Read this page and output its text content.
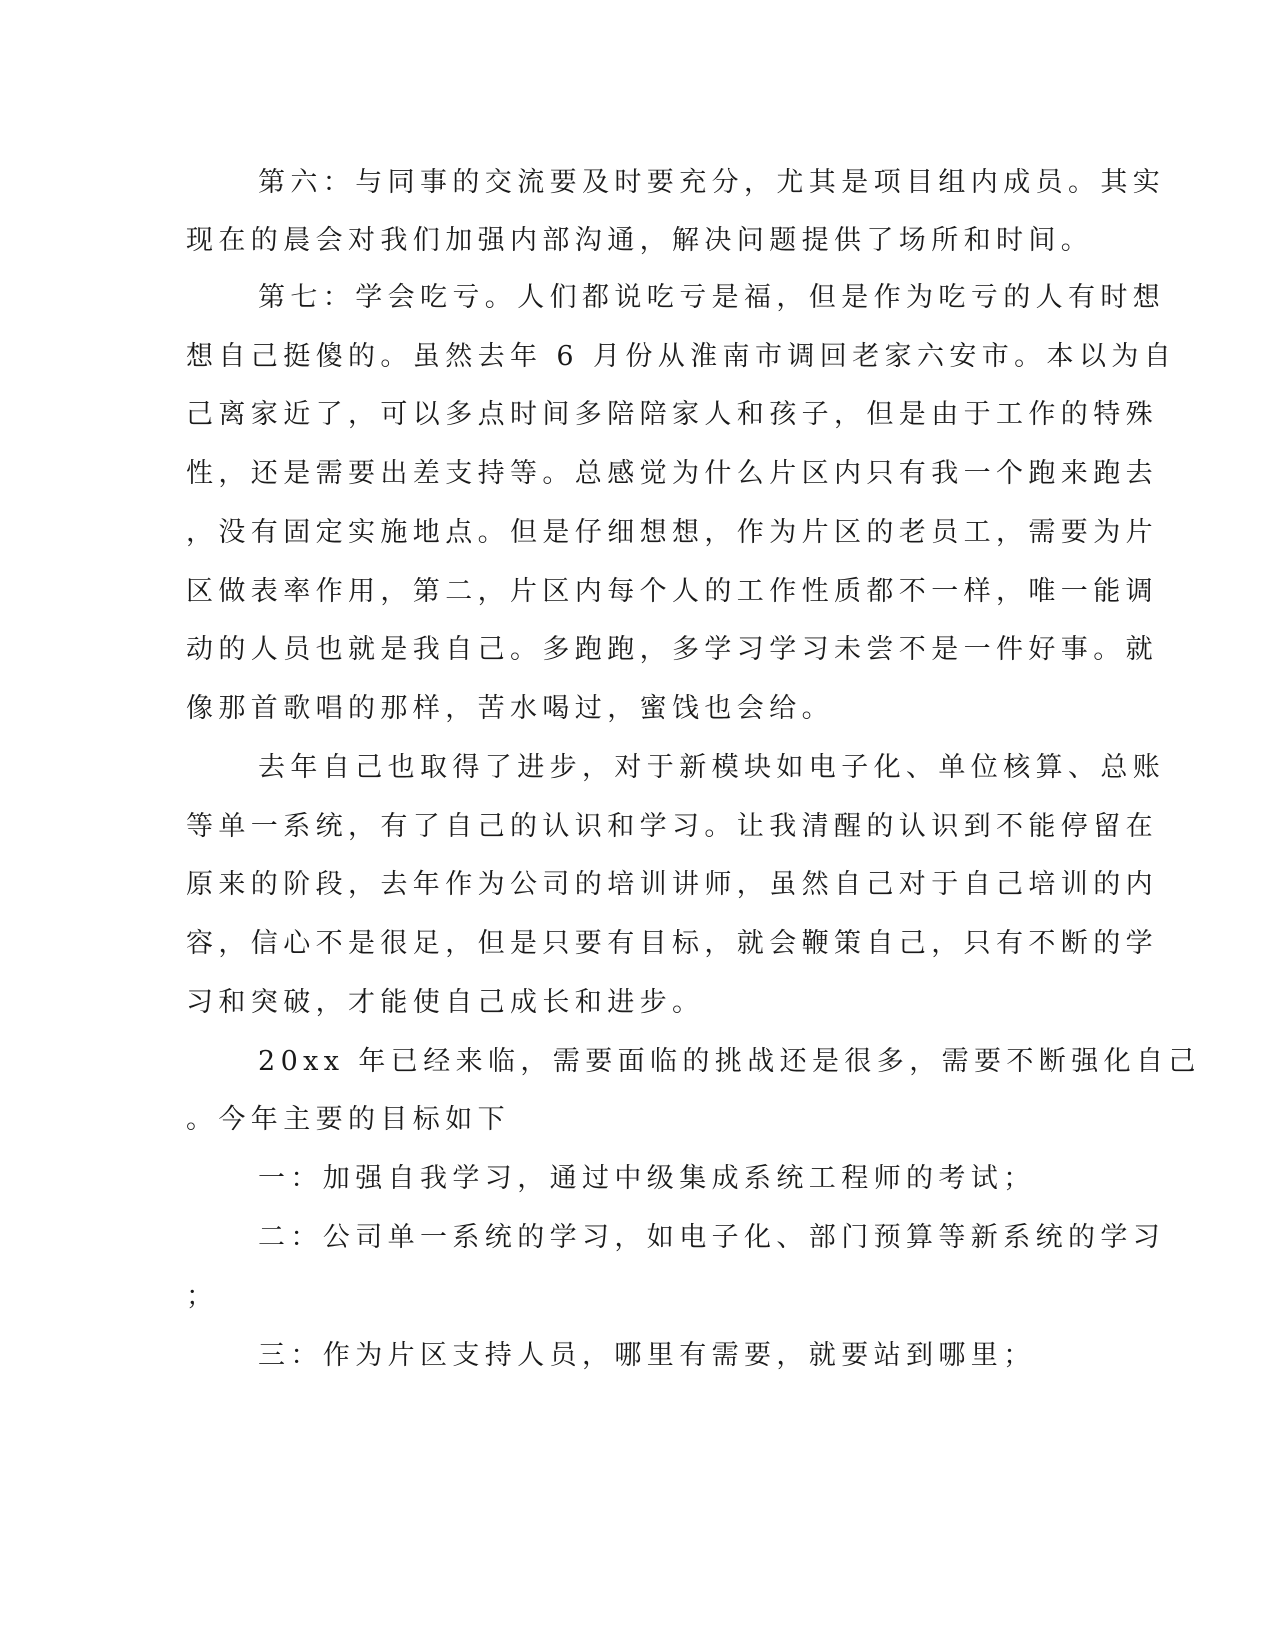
第六：与同事的交流要及时要充分，尤其是项目组内成员。其实
现在的晨会对我们加强内部沟通，解决问题提供了场所和时间。
第七：学会吃亏。人们都说吃亏是福，但是作为吃亏的人有时想
想自己挺傻的。虽然去年 6 月份从淮南市调回老家六安市。本以为自
己离家近了，可以多点时间多陪陪家人和孩子，但是由于工作的特殊
性，还是需要出差支持等。总感觉为什么片区内只有我一个跑来跑去
，没有固定实施地点。但是仔细想想，作为片区的老员工，需要为片
区做表率作用，第二，片区内每个人的工作性质都不一样，唯一能调
动的人员也就是我自己。多跑跑，多学习学习未尝不是一件好事。就
像那首歌唱的那样，苦水喝过，蜜饯也会给。
去年自己也取得了进步，对于新模块如电子化、单位核算、总账
等单一系统，有了自己的认识和学习。让我清醒的认识到不能停留在
原来的阶段，去年作为公司的培训讲师，虽然自己对于自己培训的内
容，信心不是很足，但是只要有目标，就会鞭策自己，只有不断的学
习和突破，才能使自己成长和进步。
20xx 年已经来临，需要面临的挑战还是很多，需要不断强化自己
。今年主要的目标如下
一：加强自我学习，通过中级集成系统工程师的考试；
二：公司单一系统的学习，如电子化、部门预算等新系统的学习
；
三：作为片区支持人员，哪里有需要，就要站到哪里；
